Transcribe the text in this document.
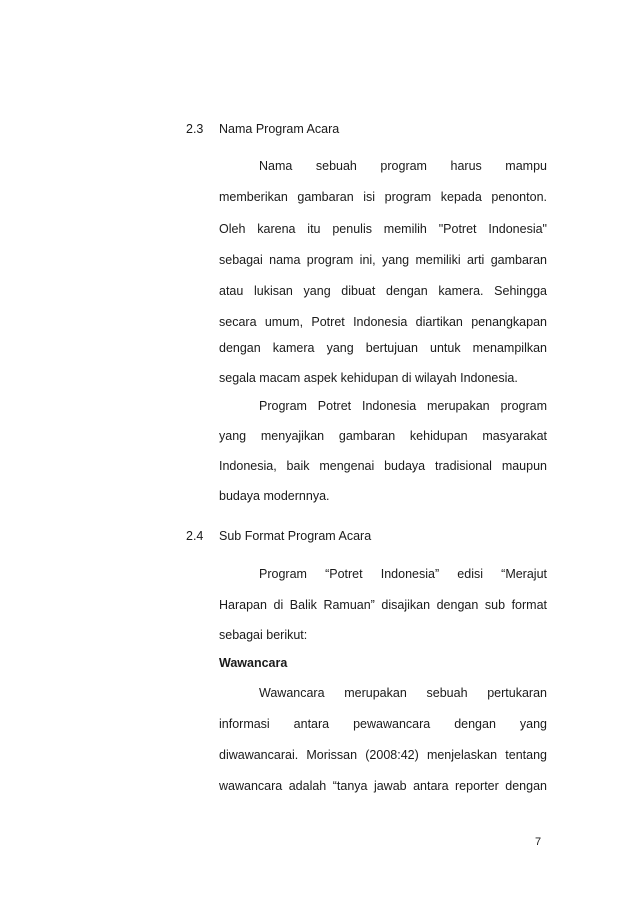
2.3 Nama Program Acara
Nama sebuah program harus mampu
memberikan gambaran isi program kepada penonton.
Oleh karena itu penulis memilih "Potret Indonesia"
sebagai nama program ini, yang memiliki arti gambaran
atau lukisan yang dibuat dengan kamera. Sehingga
secara umum, Potret Indonesia diartikan penangkapan
dengan kamera yang bertujuan untuk menampilkan
segala macam aspek kehidupan di wilayah Indonesia.
Program Potret Indonesia merupakan program
yang menyajikan gambaran kehidupan masyarakat
Indonesia, baik mengenai budaya tradisional maupun
budaya modernnya.
2.4 Sub Format Program Acara
Program “Potret Indonesia” edisi “Merajut
Harapan di Balik Ramuan” disajikan dengan sub format
sebagai berikut:
Wawancara
Wawancara merupakan sebuah pertukaran
informasi antara pewawancara dengan yang
diwawancarai. Morissan (2008:42) menjelaskan tentang
wawancara adalah “tanya jawab antara reporter dengan
7
